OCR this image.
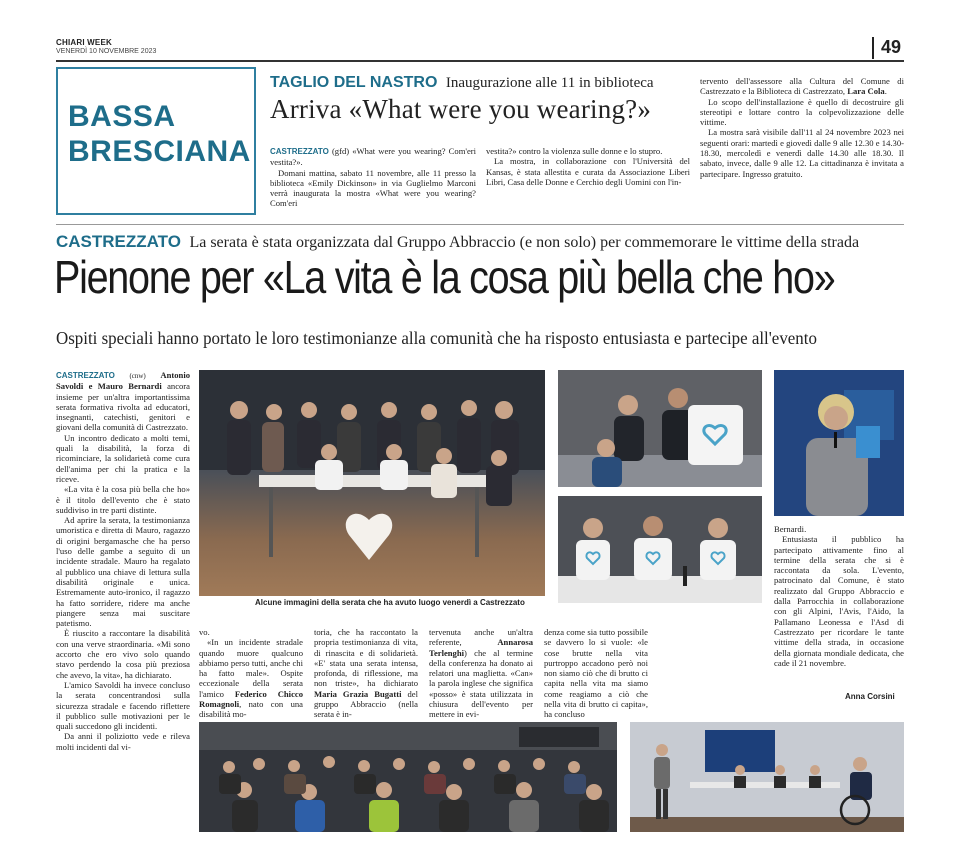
CHIARI WEEK
VENERDÌ 10 NOVEMBRE 2023	49
BASSA
BRESCIANA
TAGLIO DEL NASTRO Inaugurazione alle 11 in biblioteca
Arriva «What were you wearing?»

CASTREZZATO (gfd) «What were you wearing? Com'eri vestita?».

Domani mattina, sabato 11 novembre, alle 11 presso la biblioteca «Emily Dickinson» in via Guglielmo Marconi verrà inaugurata la mostra «What were you wearing? Com'eri

vestita?» contro la violenza sulle donne e lo stupro.

La mostra, in collaborazione con l'Università del Kansas, è stata allestita e curata da Associazione Liberi Libri, Casa delle Donne e Cerchio degli Uomini con l'in-

tervento dell'assessore alla Cultura del Comune di Castrezzato e la Biblioteca di Castrezzato, Lara Cola.

Lo scopo dell'installazione è quello di decostruire gli stereotipi e lottare contro la colpevolizzazione delle vittime.

La mostra sarà visibile dall'11 al 24 novembre 2023 nei seguenti orari: martedì e giovedì dalle 9 alle 12.30 e 14.30-18.30, mercoledì e venerdì dalle 14.30 alle 18.30. Il sabato, invece, dalle 9 alle 12. La cittadinanza è invitata a partecipare. Ingresso gratuito.

CASTREZZATO La serata è stata organizzata dal Gruppo Abbraccio (e non solo) per commemorare le vittime della strada
Pienone per «La vita è la cosa più bella che ho»
Ospiti speciali hanno portato le loro testimonianze alla comunità che ha risposto entusiasta e partecipe all'evento

CASTREZZATO (cnw) Antonio Savoldi e Mauro Bernardi ancora insieme per un'altra importantissima serata formativa rivolta ad educatori, insegnanti, catechisti, genitori e giovani della comunità di Castrezzato.

Un incontro dedicato a molti temi, quali la disabilità, la forza di ricominciare, la solidarietà come cura dell'anima per chi la pratica e la riceve.

«La vita è la cosa più bella che ho» è il titolo dell'evento che è stato suddiviso in tre parti distinte.

Ad aprire la serata, la testimonianza umoristica e diretta di Mauro, ragazzo di origini bergamasche che ha perso l'uso delle gambe a seguito di un incidente stradale. Mauro ha regalato al pubblico una chiave di lettura sulla disabilità originale e unica. Estremamente auto-ironico, il ragazzo ha fatto sorridere, ridere ma anche piangere senza mai suscitare patetismo.

È riuscito a raccontare la disabilità con una verve straordinaria. «Mi sono accorto che ero vivo solo quando stavo perdendo la cosa più preziosa che avevo, la vita», ha dichiarato.

L'amico Savoldi ha invece concluso la serata concentrandosi sulla sicurezza stradale e facendo riflettere il pubblico sulle motivazioni per le quali succedono gli incidenti.

Da anni il poliziotto vede e rileva molti incidenti dal vi-

Alcune immagini della serata che ha avuto luogo venerdì a Castrezzato

vo.

«In un incidente stradale quando muore qualcuno abbiamo perso tutti, anche chi ha fatto male». Ospite eccezionale della serata l'amico Federico Chicco Romagnoli, nato con una disabilità mo-

toria, che ha raccontato la propria testimonianza di vita, di rinascita e di solidarietà. «E' stata una serata intensa, profonda, di riflessione, ma non triste», ha dichiarato Maria Grazia Bugatti del gruppo Abbraccio (nella serata è in-

tervenuta anche un'altra referente, Annarosa Terlenghi) che al termine della conferenza ha donato ai relatori una maglietta. «Can» la parola inglese che significa «posso» è stata utilizzata in chiusura dell'evento per mettere in evi-

denza come sia tutto possibile se davvero lo si vuole: «le cose brutte nella vita purtroppo accadono però noi non siamo ciò che di brutto ci capita nella vita ma siamo come reagiamo a ciò che nella vita di brutto ci capita», ha concluso

Bernardi.

Entusiasta il pubblico ha partecipato attivamente fino al termine della serata che si è raccontata da sola. L'evento, patrocinato dal Comune, è stato realizzato dal Gruppo Abbraccio e dalla Parrocchia in collaborazione con gli Alpini, l'Avis, l'Aido, la Pallamano Leonessa e l'Asd di Castrezzato per ricordare le tante vittime della strada, in occasione della giornata mondiale dedicata, che cade il 21 novembre.

Anna Corsini
